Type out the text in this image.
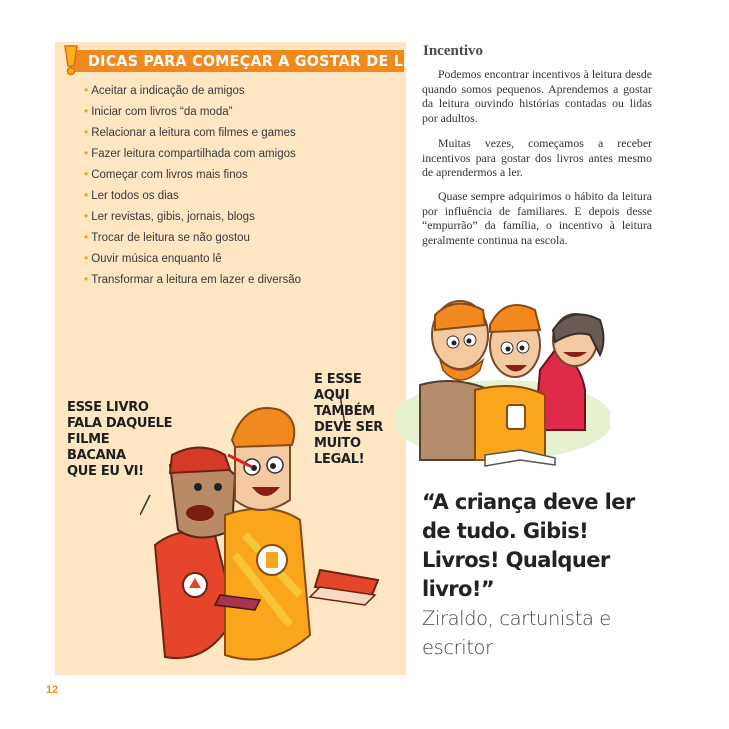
DICAS PARA COMEÇAR A GOSTAR DE LER:
• Aceitar a indicação de amigos
• Iniciar com livros “da moda”
• Relacionar a leitura com filmes e games
• Fazer leitura compartilhada com amigos
• Começar com livros mais finos
• Ler todos os dias
• Ler revistas, gibis, jornais, blogs
• Trocar de leitura se não gostou
• Ouvir música enquanto lê
• Transformar a leitura em lazer e diversão

ESSE LIVRO
FALA DAQUELE
FILME
BACANA
QUE EU VI!

E ESSE
AQUI
TAMBÉM
DEVE SER
MUITO
LEGAL!

Incentivo

Podemos encontrar incentivos à leitura desde quando somos pequenos. Aprendemos a gostar da leitura ouvindo histórias contadas ou lidas por adultos.

Muitas vezes, começamos a receber incentivos para gostar dos livros antes mesmo de aprendermos a ler.

Quase sempre adquirimos o hábito da leitura por influência de familiares. E depois desse “empurrão” da família, o incentivo à leitura geralmente continua na escola.

“A criança deve ler de tudo. Gibis! Livros! Qualquer livro!”

Ziraldo, cartunista e escritor

12
